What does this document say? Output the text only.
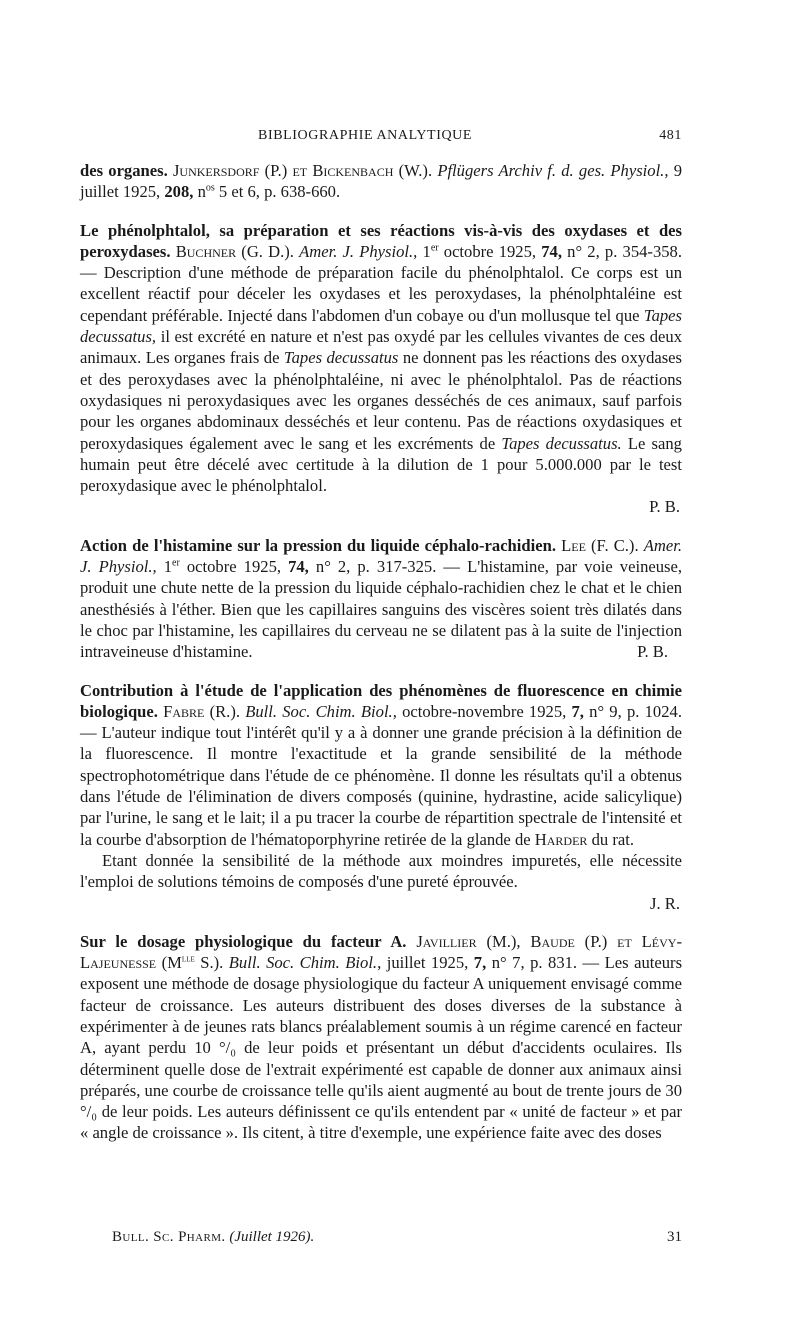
BIBLIOGRAPHIE ANALYTIQUE	481

des organes. Junkersdorf (P.) et Bickenbach (W.). Pflügers Archiv f. d. ges. Physiol., 9 juillet 1925, 208, $n^{os}$ 5 et 6, p. 638-660.

Le phénolphtalol, sa préparation et ses réactions vis-à-vis des oxydases et des peroxydases. Buchner (G. D.). Amer. J. Physiol., 1er octobre 1925, 74, n° 2, p. 354-358. — Description d'une méthode de préparation facile du phénolphtalol. Ce corps est un excellent réactif pour déceler les oxydases et les peroxydases, la phénolphtaléine est cependant préférable. Injecté dans l'abdomen d'un cobaye ou d'un mollusque tel que Tapes decussatus, il est excrété en nature et n'est pas oxydé par les cellules vivantes de ces deux animaux. Les organes frais de Tapes decussatus ne donnent pas les réactions des oxydases et des peroxydases avec la phénolphtaléine, ni avec le phénolphtalol. Pas de réactions oxydasiques ni peroxydasiques avec les organes desséchés de ces animaux, sauf parfois pour les organes abdominaux desséchés et leur contenu. Pas de réactions oxydasiques et peroxydasiques également avec le sang et les excréments de Tapes decussatus. Le sang humain peut être décelé avec certitude à la dilution de 1 pour 5.000.000 par le test peroxydasique avec le phénolphtalol.

P. B.

Action de l'histamine sur la pression du liquide céphalo-rachidien. Lee (F. C.). Amer. J. Physiol., 1er octobre 1925, 74, n° 2, p. 317-325. — L'histamine, par voie veineuse, produit une chute nette de la pression du liquide céphalo-rachidien chez le chat et le chien anesthésiés à l'éther. Bien que les capillaires sanguins des viscères soient très dilatés dans le choc par l'histamine, les capillaires du cerveau ne se dilatent pas à la suite de l'injection intraveineuse d'histamine.	P. B.

Contribution à l'étude de l'application des phénomènes de fluorescence en chimie biologique. Fabre (R.). Bull. Soc. Chim. Biol., octobre-novembre 1925, 7, n° 9, p. 1024. — L'auteur indique tout l'intérêt qu'il y a à donner une grande précision à la définition de la fluorescence. Il montre l'exactitude et la grande sensibilité de la méthode spectrophotométrique dans l'étude de ce phénomène. Il donne les résultats qu'il a obtenus dans l'étude de l'élimination de divers composés (quinine, hydrastine, acide salicylique) par l'urine, le sang et le lait; il a pu tracer la courbe de répartition spectrale de l'intensité et la courbe d'absorption de l'hématoporphyrine retirée de la glande de Harder du rat.

Etant donnée la sensibilité de la méthode aux moindres impuretés, elle nécessite l'emploi de solutions témoins de composés d'une pureté éprouvée.

J. R.

Sur le dosage physiologique du facteur A. Javillier (M.), Baude (P.) et Lévy-Lajeunesse ($M^{lle}$ S.). Bull. Soc. Chim. Biol., juillet 1925, 7, n° 7, p. 831. — Les auteurs exposent une méthode de dosage physiologique du facteur A uniquement envisagé comme facteur de croissance. Les auteurs distribuent des doses diverses de la substance à expérimenter à de jeunes rats blancs préalablement soumis à un régime carencé en facteur A, ayant perdu 10 °/₀ de leur poids et présentant un début d'accidents oculaires. Ils déterminent quelle dose de l'extrait expérimenté est capable de donner aux animaux ainsi préparés, une courbe de croissance telle qu'ils aient augmenté au bout de trente jours de 30 °/₀ de leur poids. Les auteurs définissent ce qu'ils entendent par « unité de facteur » et par « angle de croissance ». Ils citent, à titre d'exemple, une expérience faite avec des doses

Bull. Sc. Pharm. (Juillet 1926).	31
